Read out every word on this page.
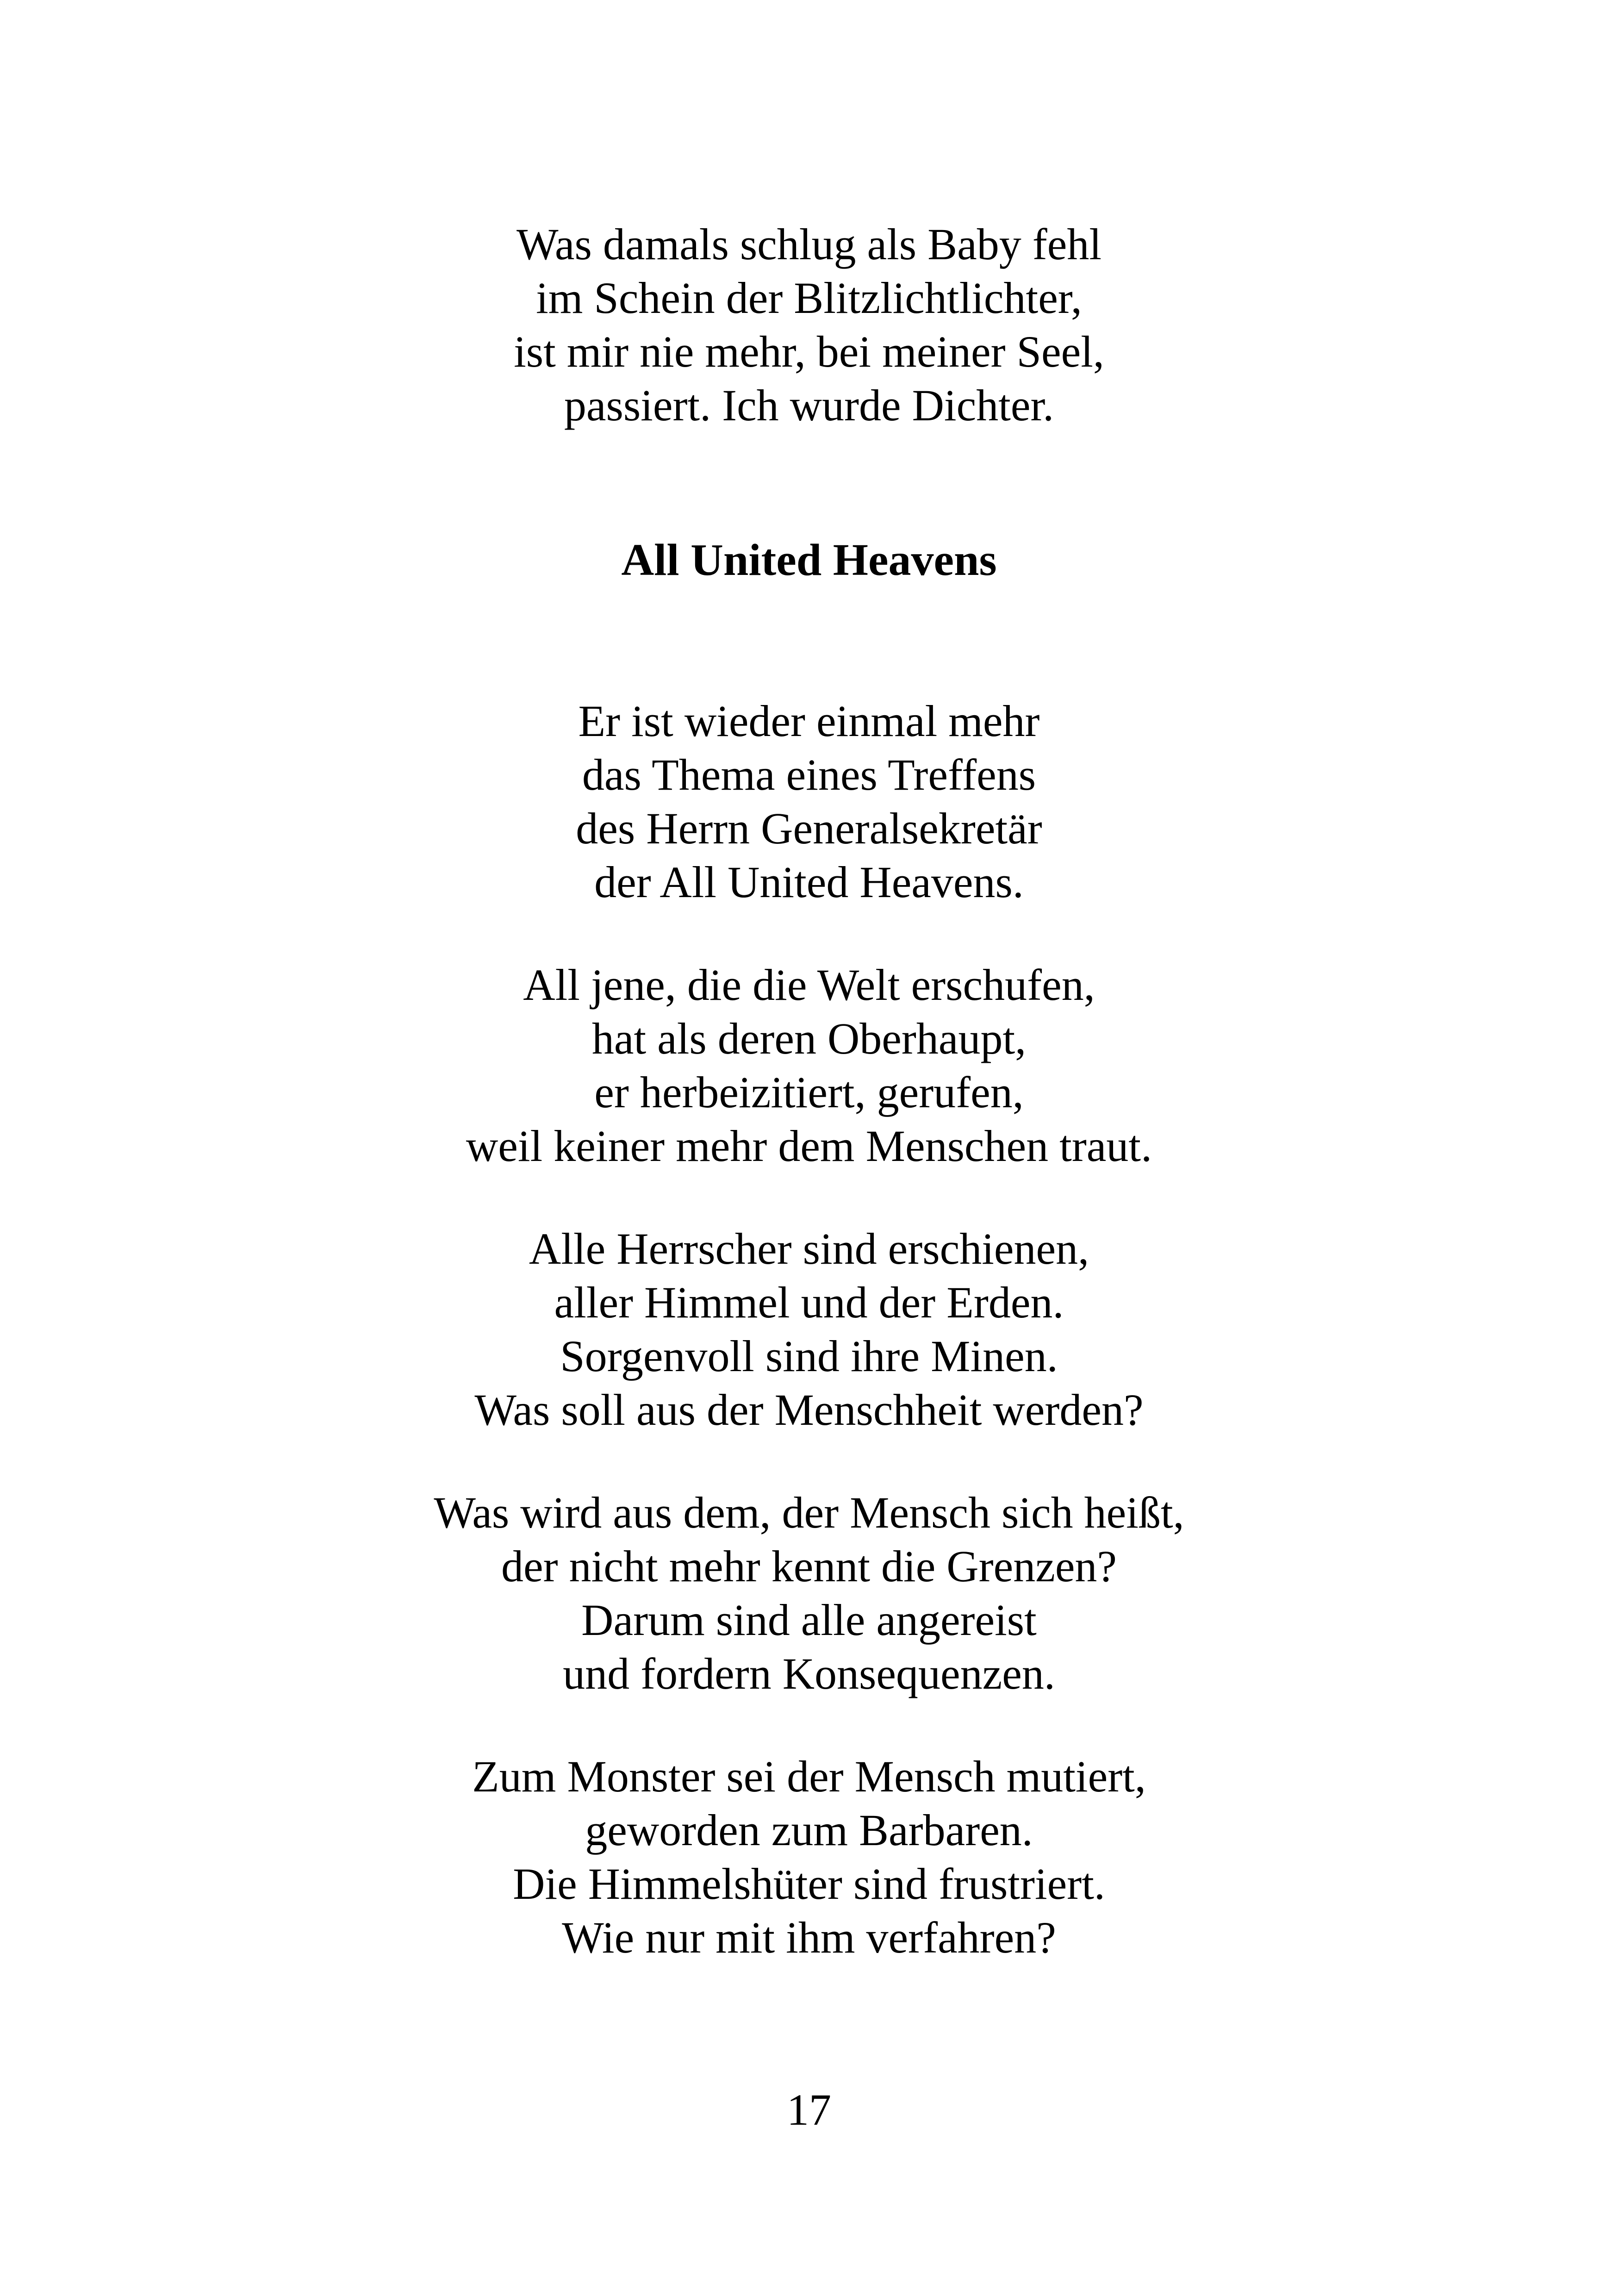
Was damals schlug als Baby fehl
im Schein der Blitzlichtlichter,
ist mir nie mehr, bei meiner Seel,
passiert. Ich wurde Dichter.
All United Heavens
Er ist wieder einmal mehr
das Thema eines Treffens
des Herrn Generalsekretär
der All United Heavens.
All jene, die die Welt erschufen,
hat als deren Oberhaupt,
er herbeizitiert, gerufen,
weil keiner mehr dem Menschen traut.
Alle Herrscher sind erschienen,
aller Himmel und der Erden.
Sorgenvoll sind ihre Minen.
Was soll aus der Menschheit werden?
Was wird aus dem, der Mensch sich heißt,
der nicht mehr kennt die Grenzen?
Darum sind alle angereist
und fordern Konsequenzen.
Zum Monster sei der Mensch mutiert,
geworden zum Barbaren.
Die Himmelshüter sind frustriert.
Wie nur mit ihm verfahren?
17
